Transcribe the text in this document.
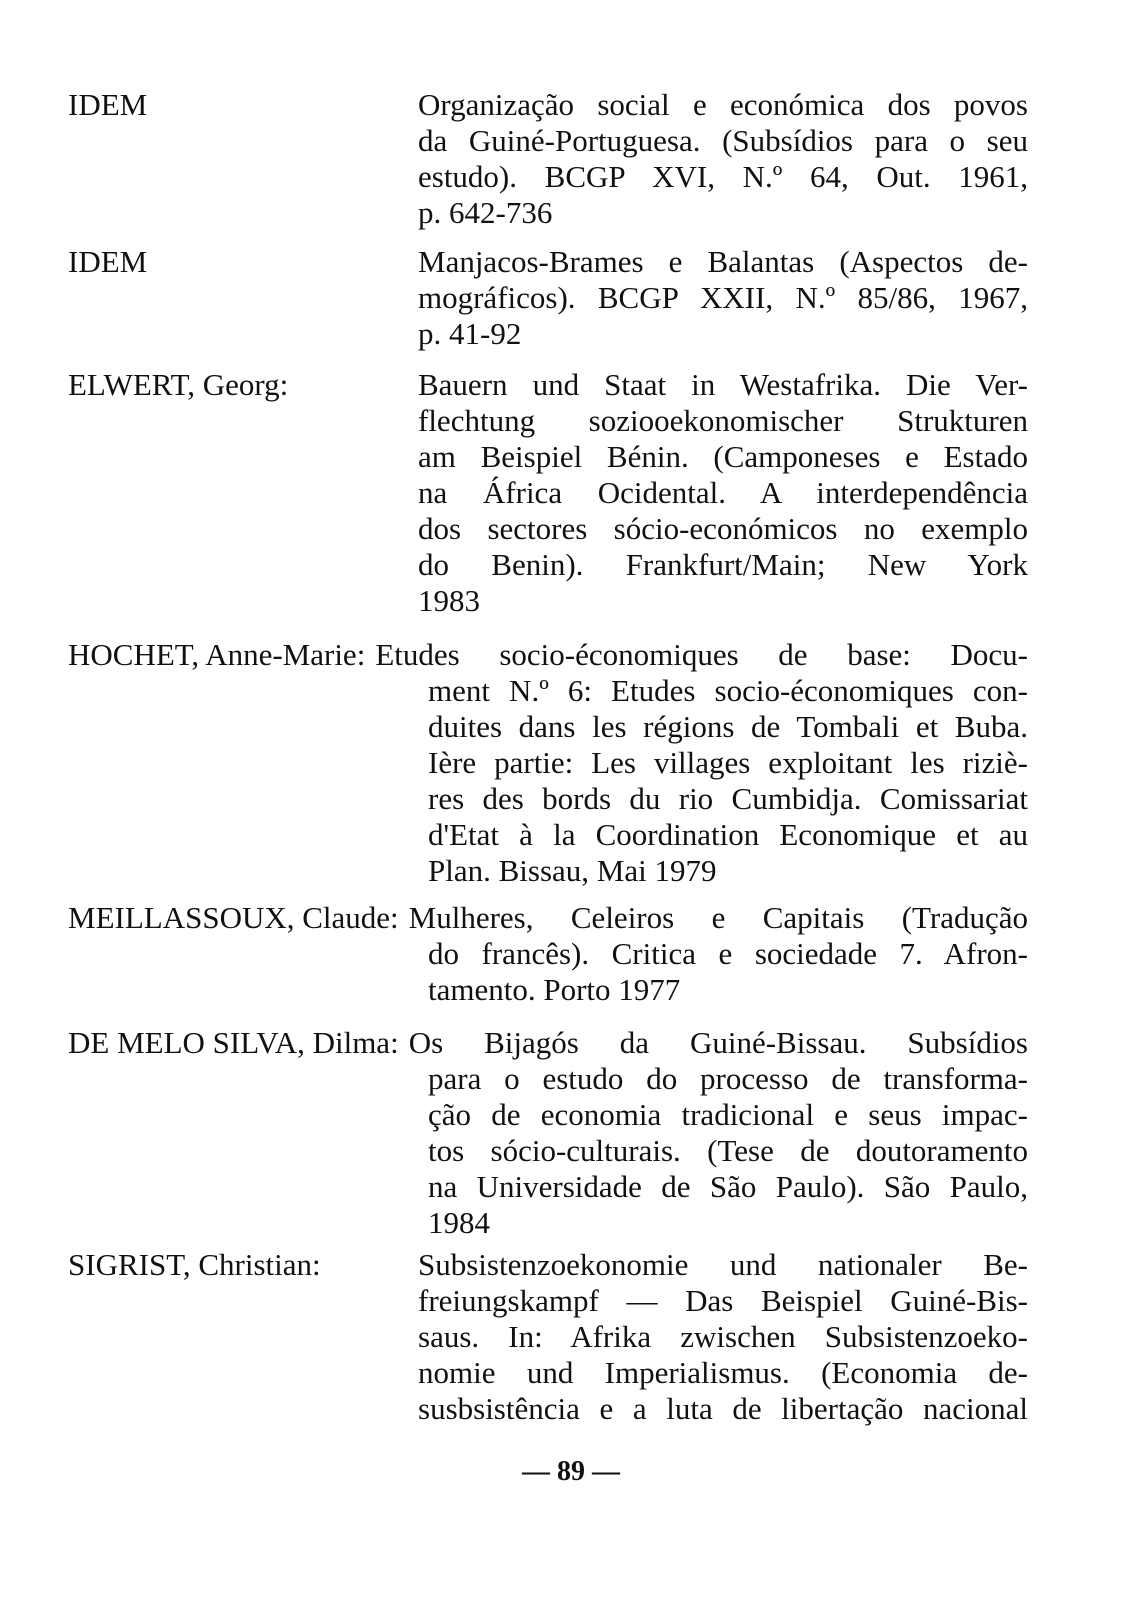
IDEM	Organização social e económica dos povos
da Guiné-Portuguesa. (Subsídios para o seu
estudo). BCGP XVI, N.º 64, Out. 1961,
p. 642-736
IDEM	Manjacos-Brames e Balantas (Aspectos de-
mográficos). BCGP XXII, N.º 85/86, 1967,
p. 41-92
ELWERT, Georg:	Bauern und Staat in Westafrika. Die Ver-
flechtung soziooekonomischer Strukturen
am Beispiel Bénin. (Camponeses e Estado
na África Ocidental. A interdependência
dos sectores sócio-económicos no exemplo
do Benin). Frankfurt/Main; New York
1983
HOCHET, Anne-Marie: Etudes socio-économiques de base: Docu-
ment N.º 6: Etudes socio-économiques con-
duites dans les régions de Tombali et Buba.
Ière partie: Les villages exploitant les riziè-
res des bords du rio Cumbidja. Comissariat
d'Etat à la Coordination Economique et au
Plan. Bissau, Mai 1979
MEILLASSOUX, Claude: Mulheres, Celeiros e Capitais (Tradução
do francês). Critica e sociedade 7. Afron-
tamento. Porto 1977
DE MELO SILVA, Dilma: Os Bijagós da Guiné-Bissau. Subsídios
para o estudo do processo de transforma-
ção de economia tradicional e seus impac-
tos sócio-culturais. (Tese de doutoramento
na Universidade de São Paulo). São Paulo,
1984
SIGRIST, Christian:	Subsistenzoekonomie und nationaler Be-
freiungskampf — Das Beispiel Guiné-Bis-
saus. In: Afrika zwischen Subsistenzoeko-
nomie und Imperialismus. (Economia de-
susbsistência e a luta de libertação nacional
— 89 —
